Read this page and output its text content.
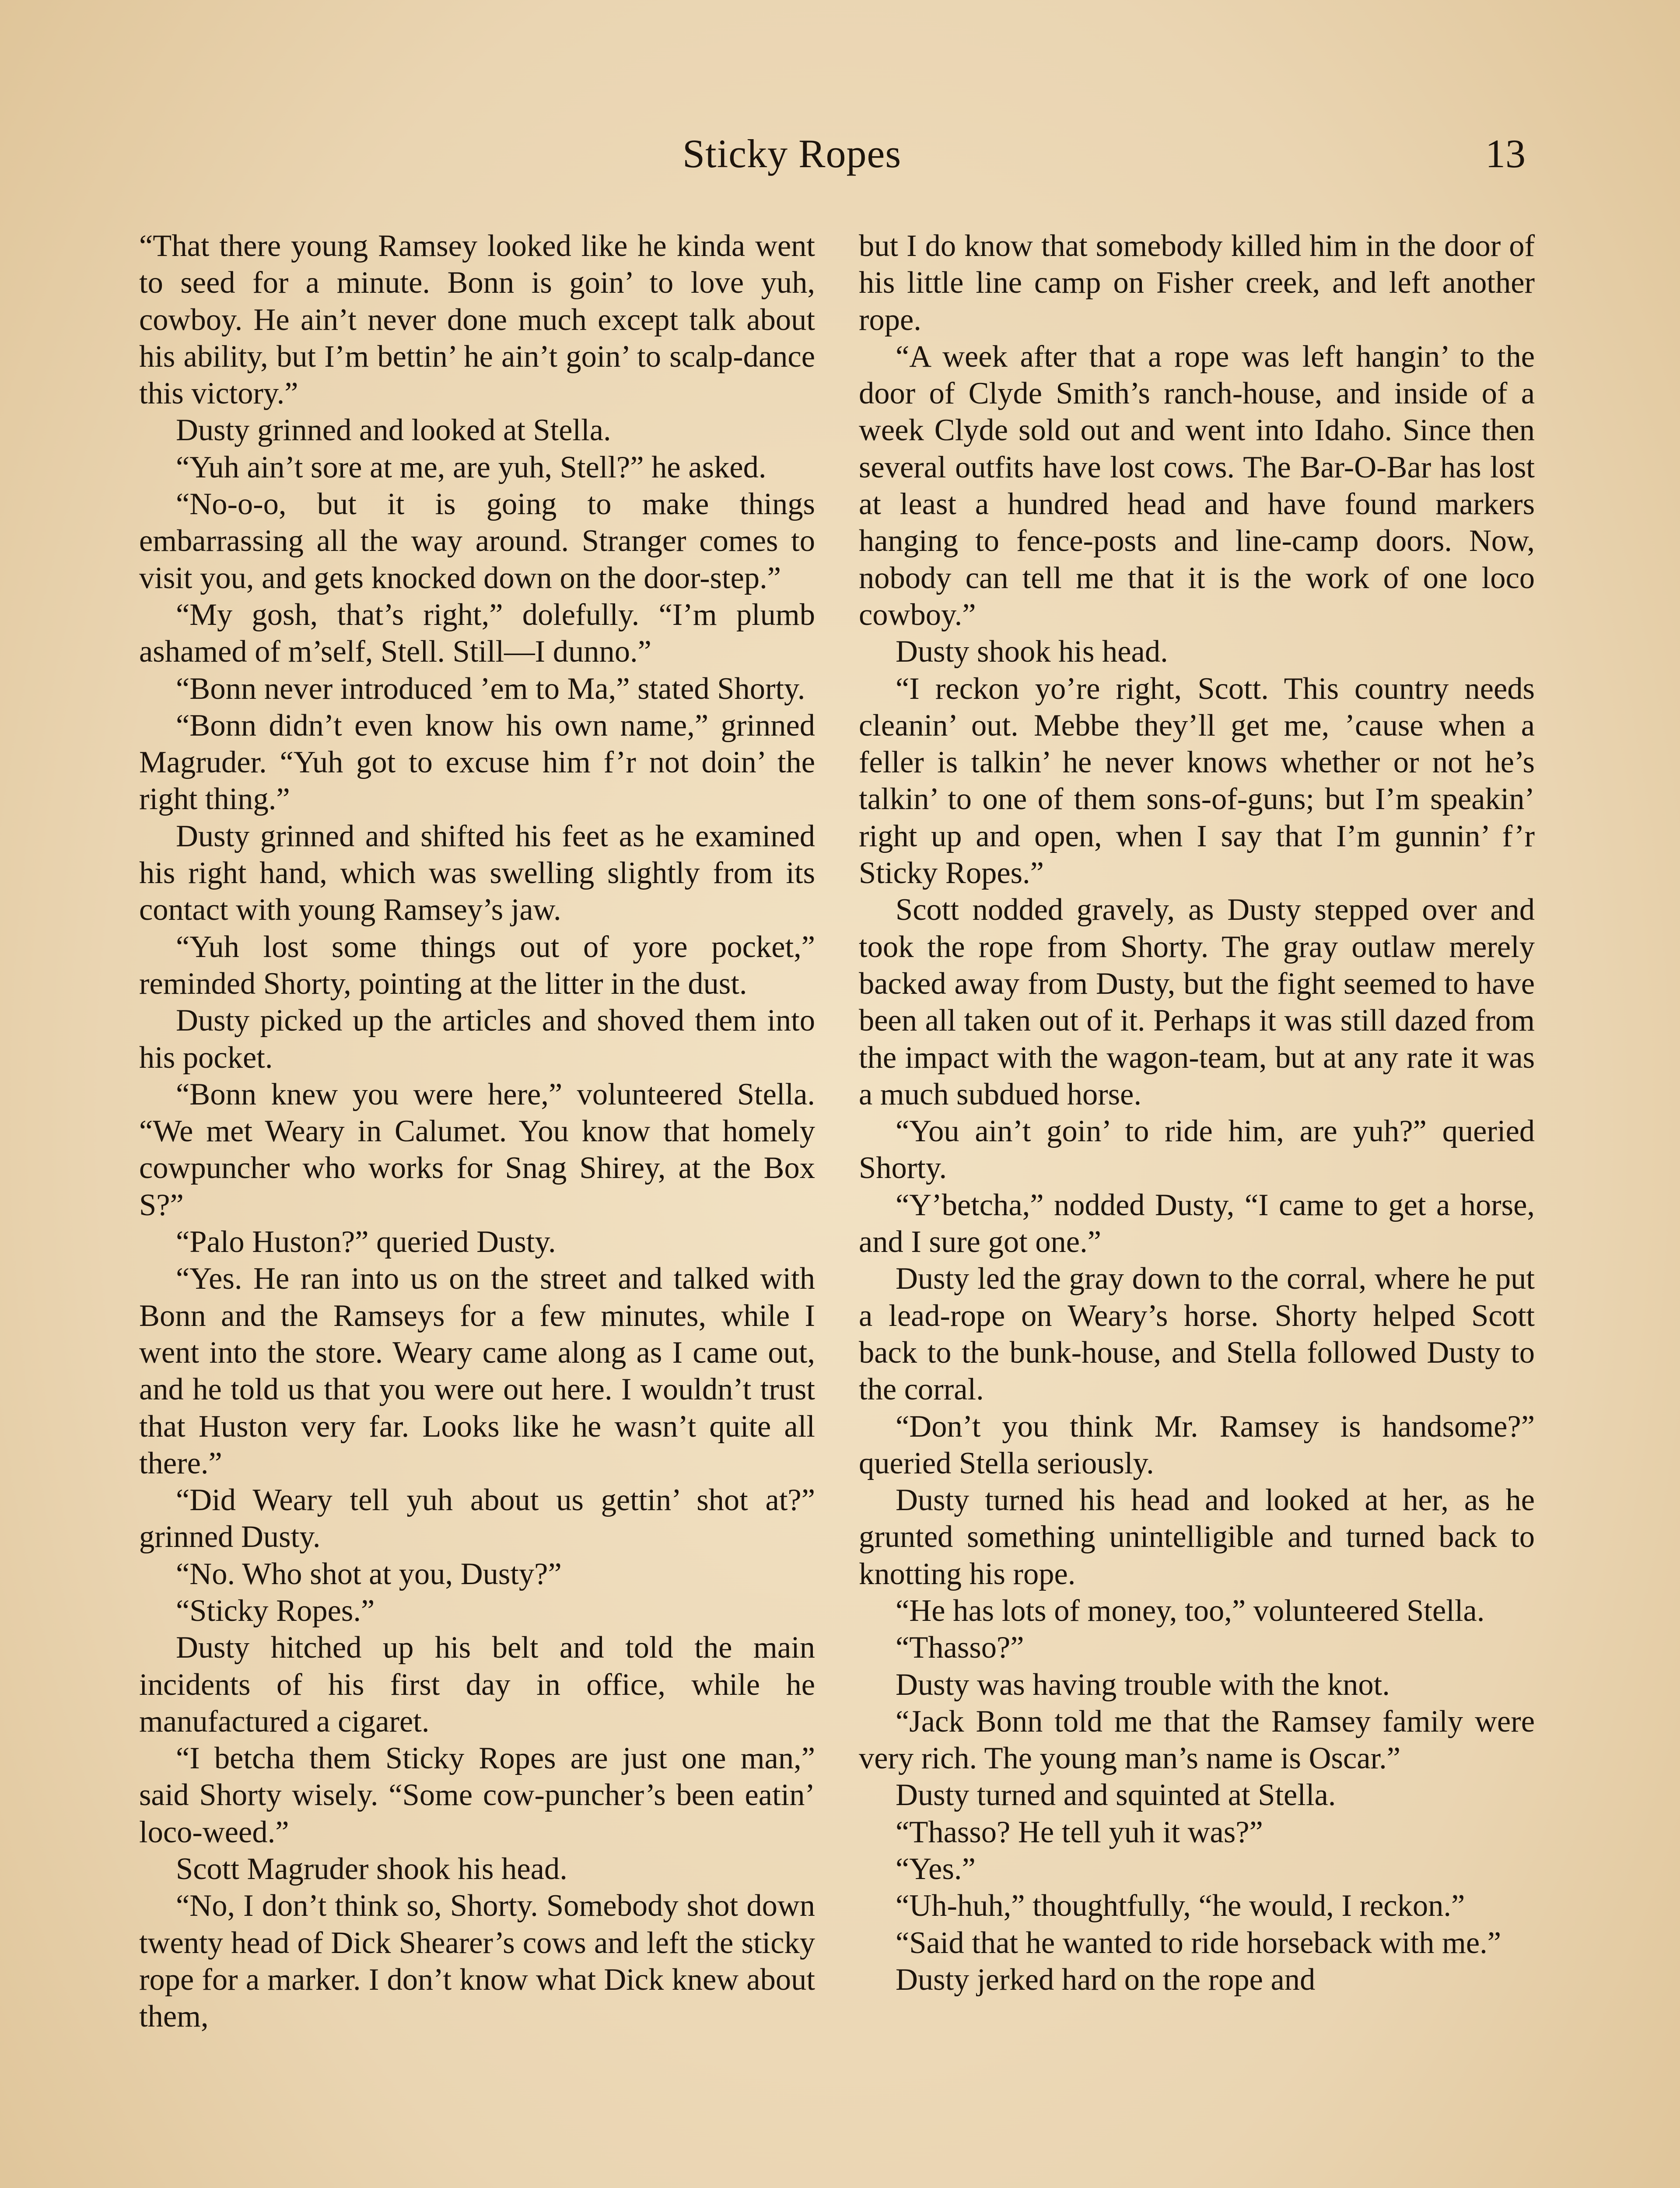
Sticky Ropes	13

“That there young Ramsey looked like he kinda went to seed for a minute. Bonn is goin’ to love yuh, cowboy. He ain’t never done much except talk about his ability, but I’m bettin’ he ain’t goin’ to scalp-dance this victory.”

Dusty grinned and looked at Stella.

“Yuh ain’t sore at me, are yuh, Stell?” he asked.

“No-o-o, but it is going to make things embarrassing all the way around. Stranger comes to visit you, and gets knocked down on the door-step.”

“My gosh, that’s right,” dolefully. “I’m plumb ashamed of m’self, Stell. Still—I dunno.”

“Bonn never introduced ’em to Ma,” stated Shorty.

“Bonn didn’t even know his own name,” grinned Magruder. “Yuh got to excuse him f’r not doin’ the right thing.”

Dusty grinned and shifted his feet as he examined his right hand, which was swelling slightly from its contact with young Ramsey’s jaw.

“Yuh lost some things out of yore pocket,” reminded Shorty, pointing at the litter in the dust.

Dusty picked up the articles and shoved them into his pocket.

“Bonn knew you were here,” volunteered Stella. “We met Weary in Calumet. You know that homely cowpuncher who works for Snag Shirey, at the Box S?”

“Palo Huston?” queried Dusty.

“Yes. He ran into us on the street and talked with Bonn and the Ramseys for a few minutes, while I went into the store. Weary came along as I came out, and he told us that you were out here. I wouldn’t trust that Huston very far. Looks like he wasn’t quite all there.”

“Did Weary tell yuh about us gettin’ shot at?” grinned Dusty.

“No. Who shot at you, Dusty?”

“Sticky Ropes.”

Dusty hitched up his belt and told the main incidents of his first day in office, while he manufactured a cigaret.

“I betcha them Sticky Ropes are just one man,” said Shorty wisely. “Some cow-puncher’s been eatin’ loco-weed.”

Scott Magruder shook his head.

“No, I don’t think so, Shorty. Somebody shot down twenty head of Dick Shearer’s cows and left the sticky rope for a marker. I don’t know what Dick knew about them,

but I do know that somebody killed him in the door of his little line camp on Fisher creek, and left another rope.

“A week after that a rope was left hangin’ to the door of Clyde Smith’s ranch-house, and inside of a week Clyde sold out and went into Idaho. Since then several outfits have lost cows. The Bar-O-Bar has lost at least a hundred head and have found markers hanging to fence-posts and line-camp doors. Now, nobody can tell me that it is the work of one loco cowboy.”

Dusty shook his head.

“I reckon yo’re right, Scott. This country needs cleanin’ out. Mebbe they’ll get me, ’cause when a feller is talkin’ he never knows whether or not he’s talkin’ to one of them sons-of-guns; but I’m speakin’ right up and open, when I say that I’m gunnin’ f’r Sticky Ropes.”

Scott nodded gravely, as Dusty stepped over and took the rope from Shorty. The gray outlaw merely backed away from Dusty, but the fight seemed to have been all taken out of it. Perhaps it was still dazed from the impact with the wagon-team, but at any rate it was a much subdued horse.

“You ain’t goin’ to ride him, are yuh?” queried Shorty.

“Y’betcha,” nodded Dusty, “I came to get a horse, and I sure got one.”

Dusty led the gray down to the corral, where he put a lead-rope on Weary’s horse. Shorty helped Scott back to the bunk-house, and Stella followed Dusty to the corral.

“Don’t you think Mr. Ramsey is handsome?” queried Stella seriously.

Dusty turned his head and looked at her, as he grunted something unintelligible and turned back to knotting his rope.

“He has lots of money, too,” volunteered Stella.

“Thasso?”

Dusty was having trouble with the knot.

“Jack Bonn told me that the Ramsey family were very rich. The young man’s name is Oscar.”

Dusty turned and squinted at Stella.

“Thasso? He tell yuh it was?”

“Yes.”

“Uh-huh,” thoughtfully, “he would, I reckon.”

“Said that he wanted to ride horseback with me.”

Dusty jerked hard on the rope and
